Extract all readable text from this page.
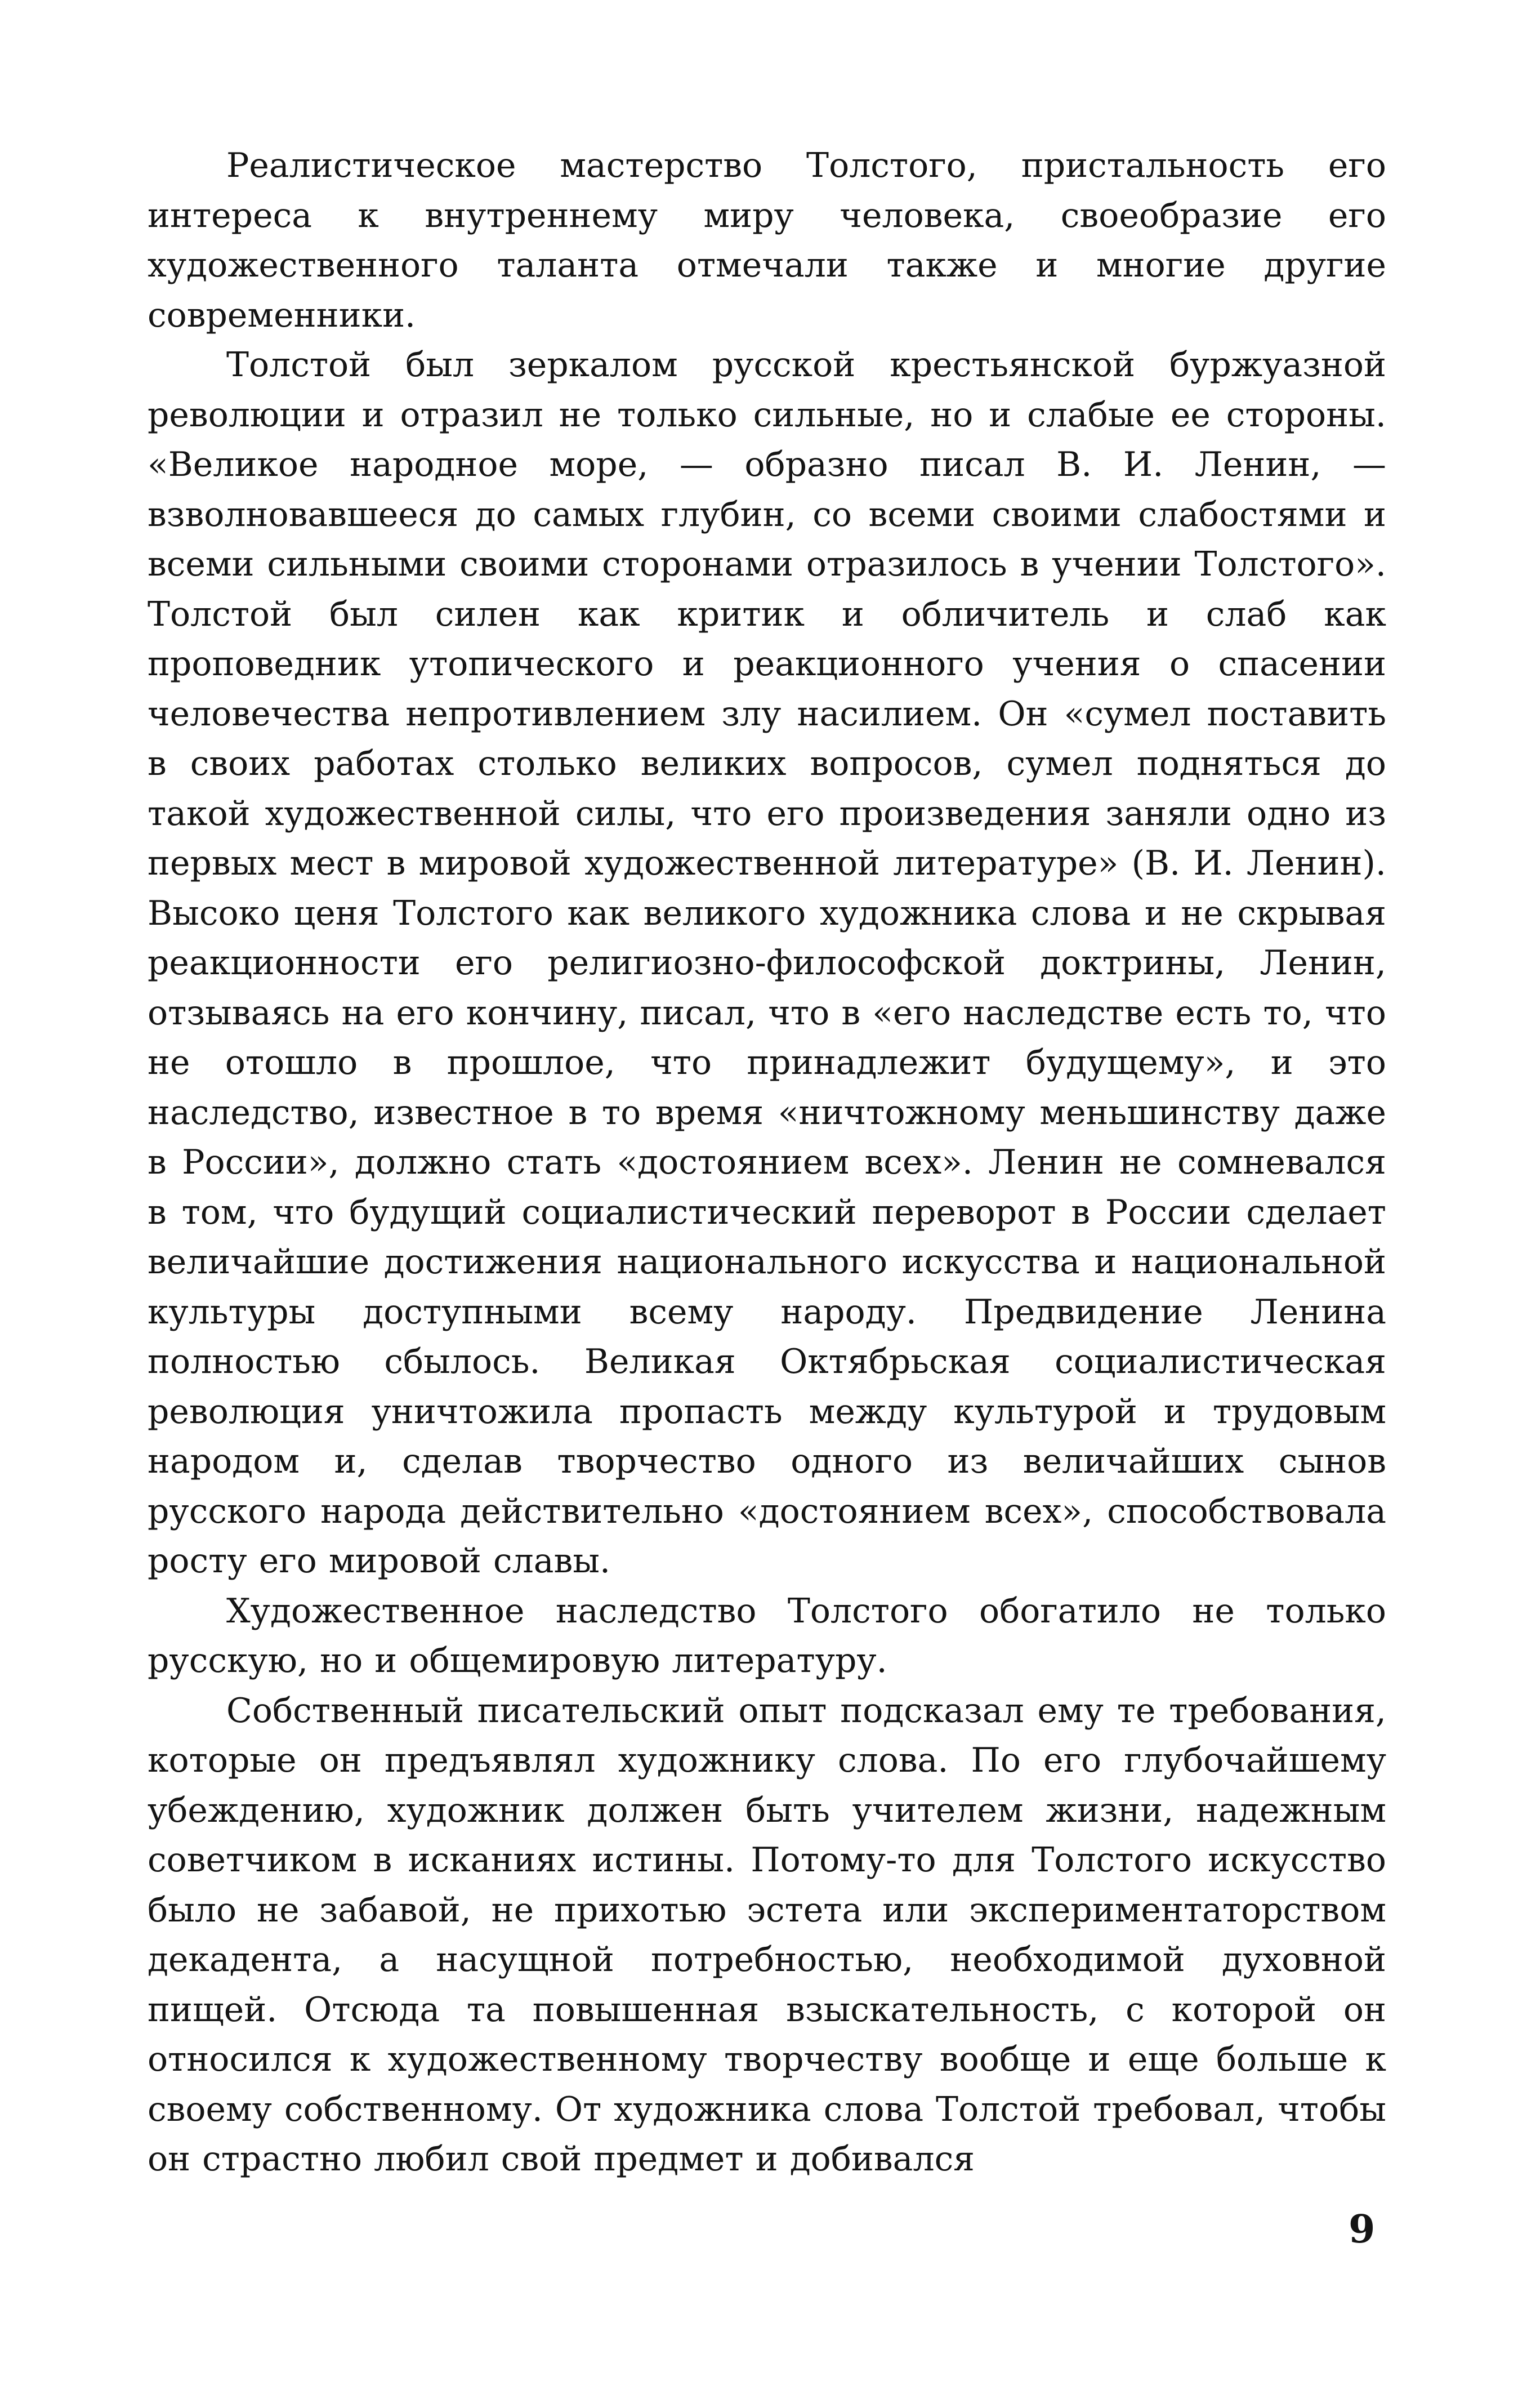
Реалистическое мастерство Толстого, пристальность его интереса к внутреннему миру человека, своеобразие его художественного таланта отмечали также и многие другие современники.

Толстой был зеркалом русской крестьянской буржуазной революции и отразил не только сильные, но и слабые ее стороны. «Великое народное море, — образно писал В. И. Ленин, — взволновавшееся до самых глубин, со всеми своими слабостями и всеми сильными своими сторонами отразилось в учении Толстого». Толстой был силен как критик и обличитель и слаб как проповедник утопического и реакционного учения о спасении человечества непротивлением злу насилием. Он «сумел поставить в своих работах столько великих вопросов, сумел подняться до такой художественной силы, что его произведения заняли одно из первых мест в мировой художественной литературе» (В. И. Ленин). Высоко ценя Толстого как великого художника слова и не скрывая реакционности его религиозно-философской доктрины, Ленин, отзываясь на его кончину, писал, что в «его наследстве есть то, что не отошло в прошлое, что принадлежит будущему», и это наследство, известное в то время «ничтожному меньшинству даже в России», должно стать «достоянием всех». Ленин не сомневался в том, что будущий социалистический переворот в России сделает величайшие достижения национального искусства и национальной культуры доступными всему народу. Предвидение Ленина полностью сбылось. Великая Октябрьская социалистическая революция уничтожила пропасть между культурой и трудовым народом и, сделав творчество одного из величайших сынов русского народа действительно «достоянием всех», способствовала росту его мировой славы.

Художественное наследство Толстого обогатило не только русскую, но и общемировую литературу.

Собственный писательский опыт подсказал ему те требования, которые он предъявлял художнику слова. По его глубочайшему убеждению, художник должен быть учителем жизни, надежным советчиком в исканиях истины. Потому-то для Толстого искусство было не забавой, не прихотью эстета или экспериментаторством декадента, а насущной потребностью, необходимой духовной пищей. Отсюда та повышенная взыскательность, с которой он относился к художественному творчеству вообще и еще больше к своему собственному. От художника слова Толстой требовал, чтобы он страстно любил свой предмет и добивался

9
